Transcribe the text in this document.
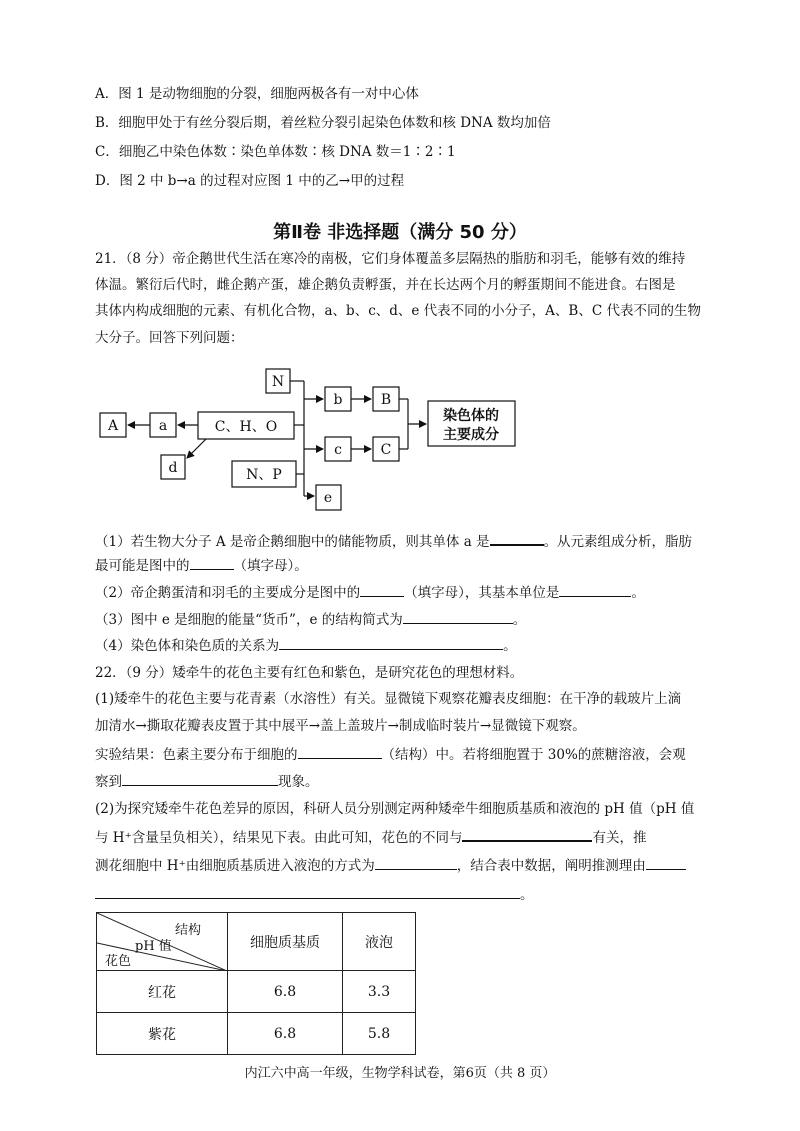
A．图 1 是动物细胞的分裂，细胞两极各有一对中心体
B．细胞甲处于有丝分裂后期，着丝粒分裂引起染色体数和核 DNA 数均加倍
C．细胞乙中染色体数∶染色单体数∶核 DNA 数＝1∶2∶1
D．图 2 中 b→a 的过程对应图 1 中的乙→甲的过程
第Ⅱ卷 非选择题（满分 50 分）
21．（8 分）帝企鹅世代生活在寒冷的南极，它们身体覆盖多层隔热的脂肪和羽毛，能够有效的维持
体温。繁衍后代时，雌企鹅产蛋，雄企鹅负责孵蛋，并在长达两个月的孵蛋期间不能进食。右图是
其体内构成细胞的元素、有机化合物，a、b、c、d、e 代表不同的小分子，A、B、C 代表不同的生物
大分子。回答下列问题：
N
C、H、O
N、P
a
A
d
b	B
c	C
e
染色体的
主要成分
（1）若生物大分子 A 是帝企鹅细胞中的储能物质，则其单体 a 是	。从元素组成分析，脂肪
最可能是图中的	（填字母）。
（2）帝企鹅蛋清和羽毛的主要成分是图中的	（填字母），其基本单位是	。
（3）图中 e 是细胞的能量“货币”，e 的结构简式为	。
（4）染色体和染色质的关系为	。
22．（9 分）矮牵牛的花色主要有红色和紫色，是研究花色的理想材料。
(1)矮牵牛的花色主要与花青素（水溶性）有关。显微镜下观察花瓣表皮细胞：在干净的载玻片上滴
加清水→撕取花瓣表皮置于其中展平→盖上盖玻片→制成临时装片→显微镜下观察。
实验结果：色素主要分布于细胞的	（结构）中。若将细胞置于 30%的蔗糖溶液，会观
察到	现象。
(2)为探究矮牵牛花色差异的原因，科研人员分别测定两种矮牵牛细胞质基质和液泡的 pH 值（pH 值
与 H⁺含量呈负相关），结果见下表。由此可知，花色的不同与	有关，推
测花细胞中 H⁺由细胞质基质进入液泡的方式为	，结合表中数据，阐明推测理由
。
结构
pH 值
花色	细胞质基质	液泡
红花	6.8	3.3
紫花	6.8	5.8
内江六中高一年级，生物学科试卷，第6页（共 8 页）
